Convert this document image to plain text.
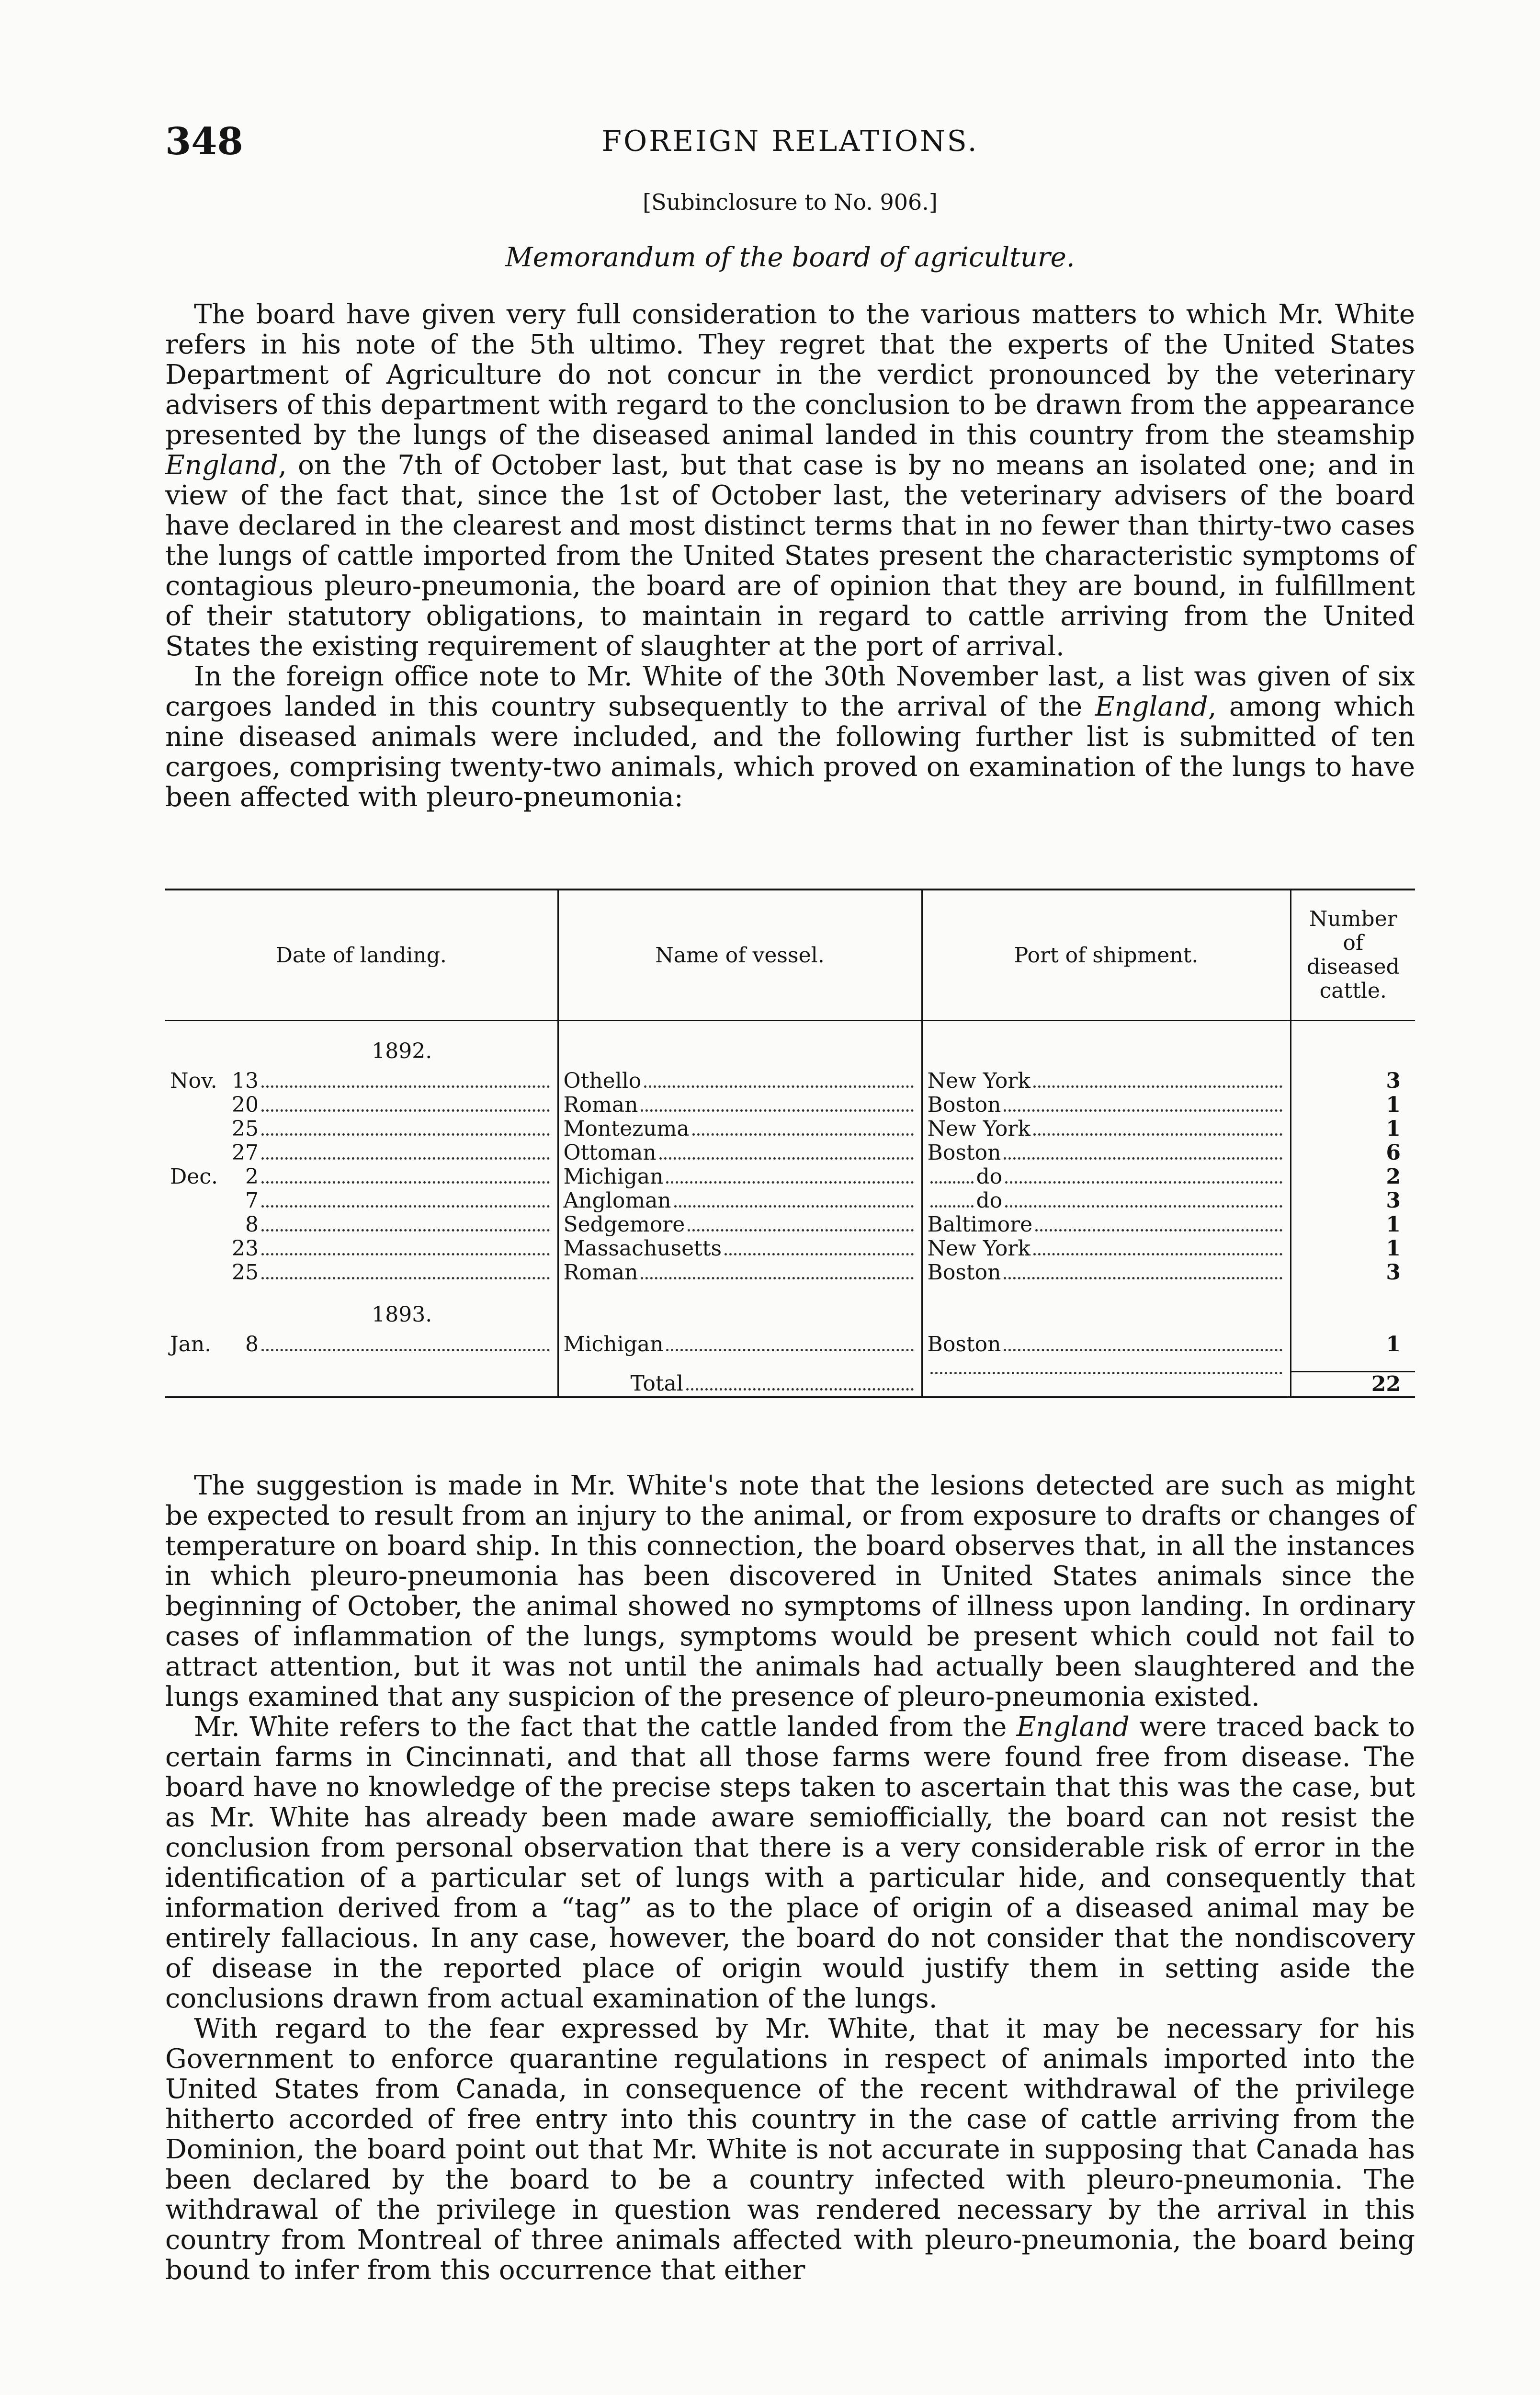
348	FOREIGN RELATIONS.
[Subinclosure to No. 906.]
Memorandum of the board of agriculture.

The board have given very full consideration to the various matters to which Mr. White refers in his note of the 5th ultimo. They regret that the experts of the United States Department of Agriculture do not concur in the verdict pronounced by the veterinary advisers of this department with regard to the conclusion to be drawn from the appearance presented by the lungs of the diseased animal landed in this country from the steamship England, on the 7th of October last, but that case is by no means an isolated one; and in view of the fact that, since the 1st of October last, the veterinary advisers of the board have declared in the clearest and most distinct terms that in no fewer than thirty-two cases the lungs of cattle imported from the United States present the characteristic symptoms of contagious pleuro-pneumonia, the board are of opinion that they are bound, in fulfillment of their statutory obligations, to maintain in regard to cattle arriving from the United States the existing requirement of slaughter at the port of arrival.

In the foreign office note to Mr. White of the 30th November last, a list was given of six cargoes landed in this country subsequently to the arrival of the England, among which nine diseased animals were included, and the following further list is submitted of ten cargoes, comprising twenty-two animals, which proved on examination of the lungs to have been affected with pleuro-pneumonia:

Date of landing.	Name of vessel.	Port of shipment.	Number of diseased cattle.
1892.			

Nov. 13	Othello	New York	3

20	Roman	Boston	1

25	Montezuma	New York	1

27	Ottoman	Boston	6

Dec. 2	Michigan	do	2

7	Angloman	do	3

8	Sedgemore	Baltimore	1

23	Massachusetts	New York	1

25	Roman	Boston	3
1893.			

Jan. 8	Michigan	Boston	1

	Total		22

The suggestion is made in Mr. White's note that the lesions detected are such as might be expected to result from an injury to the animal, or from exposure to drafts or changes of temperature on board ship. In this connection, the board observes that, in all the instances in which pleuro-pneumonia has been discovered in United States animals since the beginning of October, the animal showed no symptoms of illness upon landing. In ordinary cases of inflammation of the lungs, symptoms would be present which could not fail to attract attention, but it was not until the animals had actually been slaughtered and the lungs examined that any suspicion of the presence of pleuro-pneumonia existed.

Mr. White refers to the fact that the cattle landed from the England were traced back to certain farms in Cincinnati, and that all those farms were found free from disease. The board have no knowledge of the precise steps taken to ascertain that this was the case, but as Mr. White has already been made aware semiofficially, the board can not resist the conclusion from personal observation that there is a very considerable risk of error in the identification of a particular set of lungs with a particular hide, and consequently that information derived from a “tag” as to the place of origin of a diseased animal may be entirely fallacious. In any case, however, the board do not consider that the nondiscovery of disease in the reported place of origin would justify them in setting aside the conclusions drawn from actual examination of the lungs.

With regard to the fear expressed by Mr. White, that it may be necessary for his Government to enforce quarantine regulations in respect of animals imported into the United States from Canada, in consequence of the recent withdrawal of the privilege hitherto accorded of free entry into this country in the case of cattle arriving from the Dominion, the board point out that Mr. White is not accurate in supposing that Canada has been declared by the board to be a country infected with pleuro-pneumonia. The withdrawal of the privilege in question was rendered necessary by the arrival in this country from Montreal of three animals affected with pleuro-pneumonia, the board being bound to infer from this occurrence that either
